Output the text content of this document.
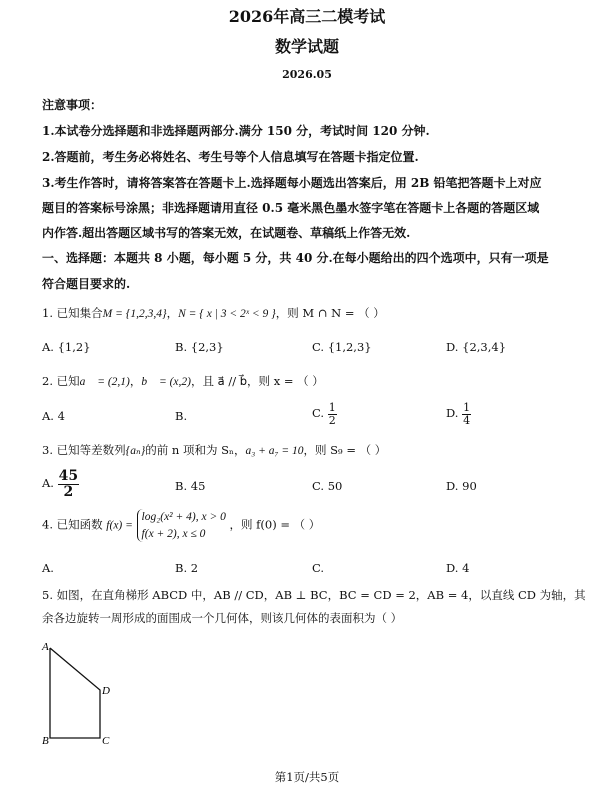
2026年高三二模考试
数学试题
2026.05
注意事项：
1.本试卷分选择题和非选择题两部分.满分 150 分，考试时间 120 分钟.
2.答题前，考生务必将姓名、考生号等个人信息填写在答题卡指定位置.
3.考生作答时，请将答案答在答题卡上.选择题每小题选出答案后，用 2B 铅笔把答题卡上对应
题目的答案标号涂黑；非选择题请用直径 0.5 毫米黑色墨水签字笔在答题卡上各题的答题区域
内作答.超出答题区域书写的答案无效，在试题卷、草稿纸上作答无效.
一、选择题：本题共 8 小题，每小题 5 分，共 40 分.在每小题给出的四个选项中，只有一项是
符合题目要求的.
1. 已知集合M = {1,2,3,4}，N = { x | 3 < 2ˣ < 9 }，则 M ∩ N = （ ）
A. {1,2}	B. {2,3}	C. {1,2,3}	D. {2,3,4}
2. 已知a⃗ = (2,1)，b⃗ = (x,2)，且 a⃗ // b⃗，则 x = （ ）
A. 4	B.	C. $\frac{1}{2}$	D. $\frac{1}{4}$
3. 已知等差数列{aₙ}的前 n 项和为 Sₙ，a₃ + a₇ = 10，则 S₉ = （ ）
A. $\frac{45}{2}$	B. 45	C. 50	D. 90
4. 已知函数 f(x) =
log₂(x² + 4), x > 0
f(x + 2), x ≤ 0
，则 f(0) = （ ）
A.	B. 2	C.	D. 4
5. 如图，在直角梯形 ABCD 中，AB // CD，AB ⊥ BC，BC = CD = 2，AB = 4，以直线 CD 为轴，其
余各边旋转一周形成的面围成一个几何体，则该几何体的表面积为（ ）
A
B	C
D
第1页/共5页
